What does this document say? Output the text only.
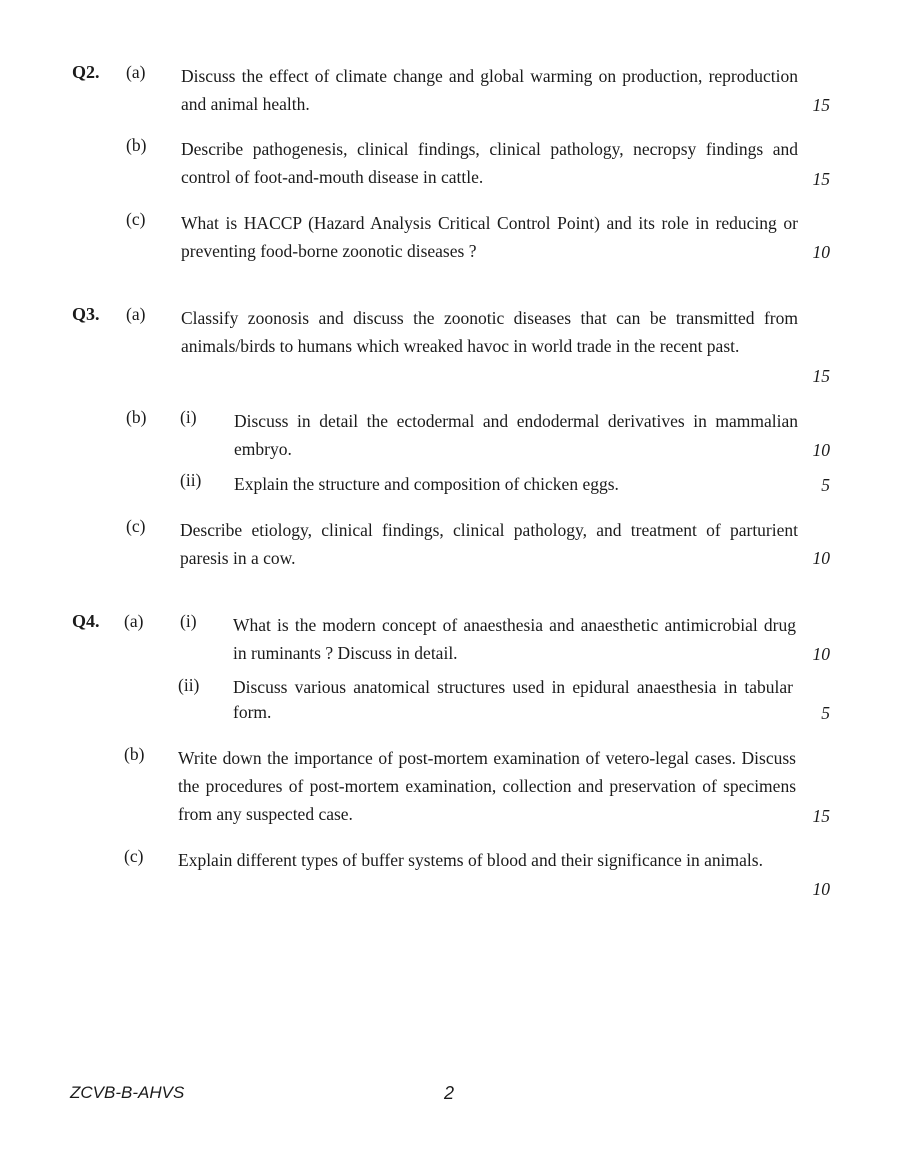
Q2. (a) Discuss the effect of climate change and global warming on production, reproduction and animal health.	15
(b) Describe pathogenesis, clinical findings, clinical pathology, necropsy findings and control of foot-and-mouth disease in cattle.	15
(c) What is HACCP (Hazard Analysis Critical Control Point) and its role in reducing or preventing food-borne zoonotic diseases ?	10
Q3. (a) Classify zoonosis and discuss the zoonotic diseases that can be transmitted from animals/birds to humans which wreaked havoc in world trade in the recent past.
15
(b) (i) Discuss in detail the ectodermal and endodermal derivatives in mammalian embryo.	10
(ii) Explain the structure and composition of chicken eggs.	5
(c) Describe etiology, clinical findings, clinical pathology, and treatment of parturient paresis in a cow.	10
Q4. (a) (i) What is the modern concept of anaesthesia and anaesthetic antimicrobial drug in ruminants ? Discuss in detail.	10
(ii) Discuss various anatomical structures used in epidural anaesthesia in tabular form.	5
(b) Write down the importance of post-mortem examination of vetero-legal cases. Discuss the procedures of post-mortem examination, collection and preservation of specimens from any suspected case.	15
(c) Explain different types of buffer systems of blood and their significance in animals.
10
ZCVB-B-AHVS	2
